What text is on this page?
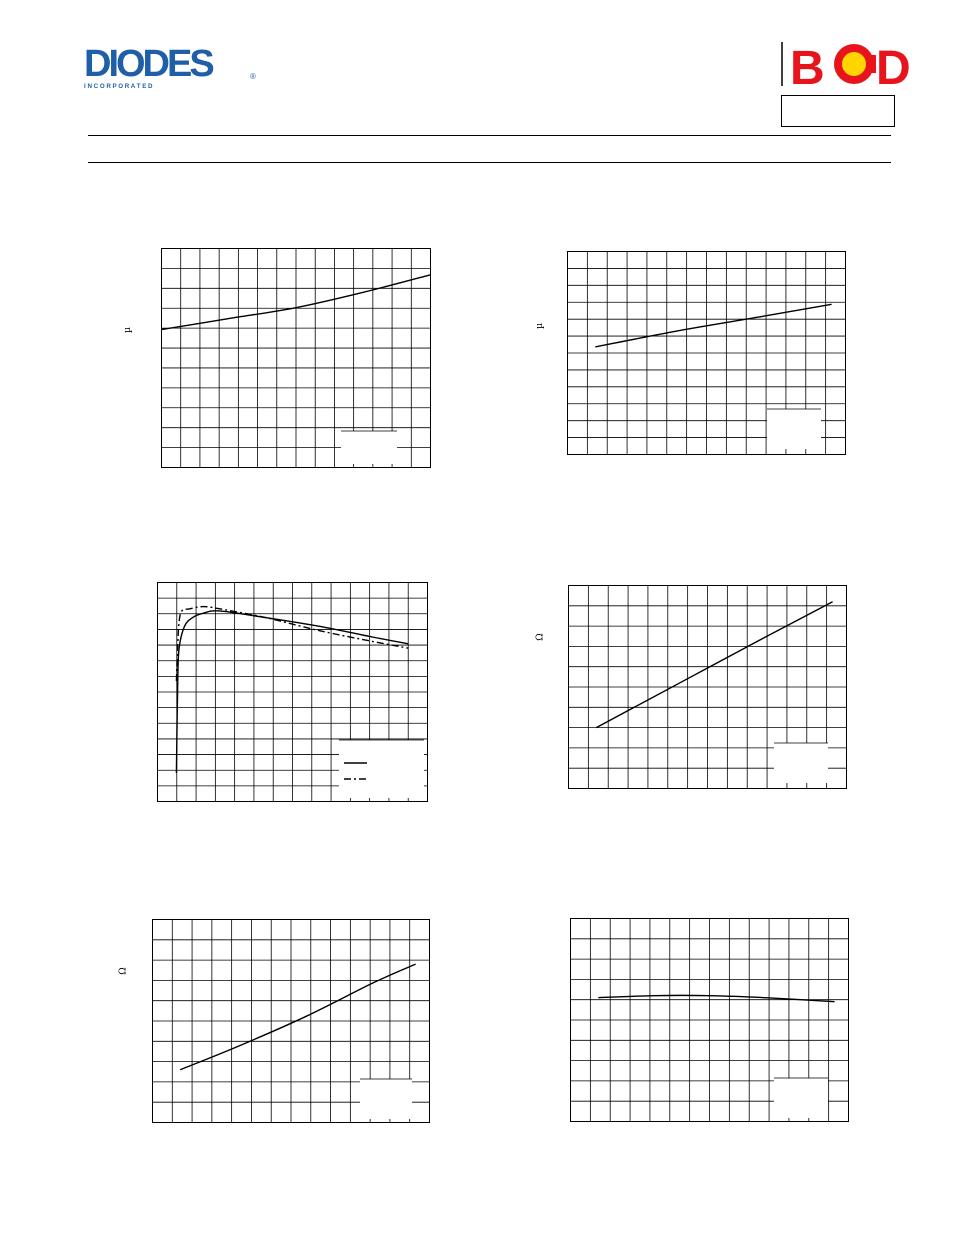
DIODES	®
I N C O R P O R A T E D	B D
µ
µ
Ω
Ω
